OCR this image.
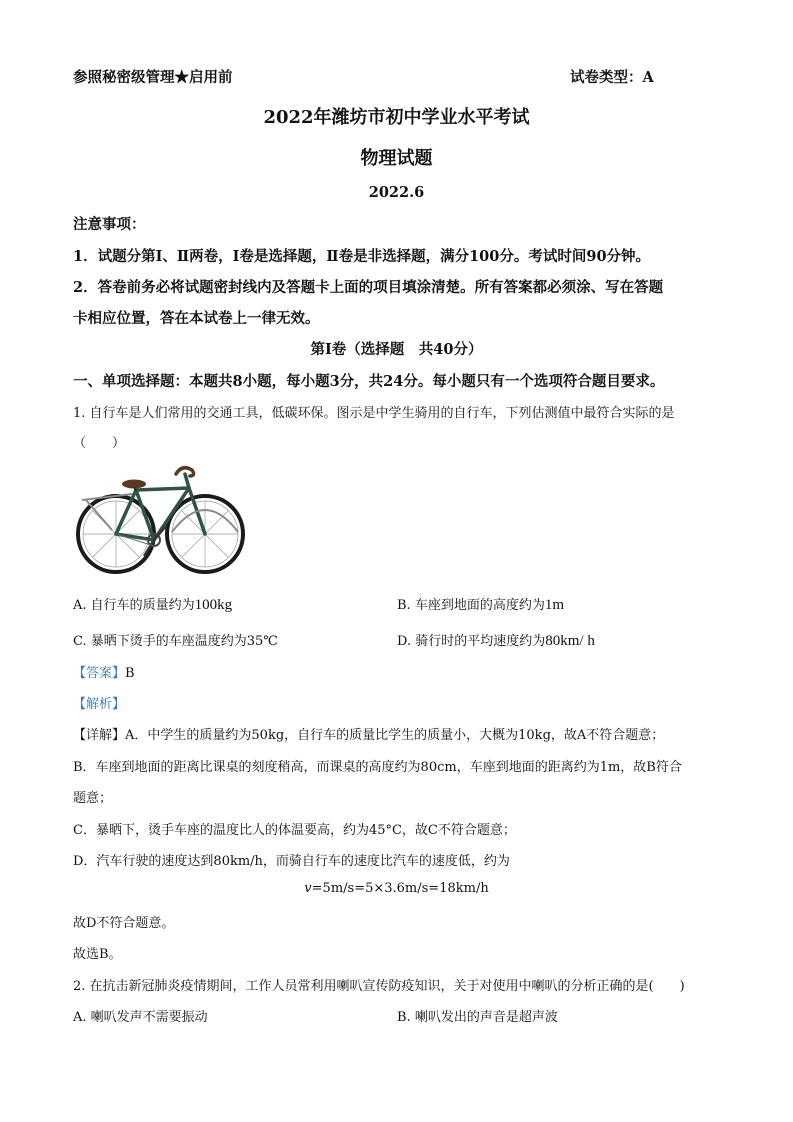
参照秘密级管理★启用前	试卷类型：A
2022年潍坊市初中学业水平考试
物理试题
2022.6
注意事项：
1．试题分第Ⅰ、Ⅱ两卷，Ⅰ卷是选择题，Ⅱ卷是非选择题，满分100分。考试时间90分钟。
2．答卷前务必将试题密封线内及答题卡上面的项目填涂清楚。所有答案都必须涂、写在答题
卡相应位置，答在本试卷上一律无效。
第Ⅰ卷（选择题　共40分）
一、单项选择题：本题共8小题，每小题3分，共24分。每小题只有一个选项符合题目要求。
1. 自行车是人们常用的交通工具，低碳环保。图示是中学生骑用的自行车，下列估测值中最符合实际的是
（　　）
A. 自行车的质量约为100kg	B. 车座到地面的高度约为1m
C. 暴晒下烫手的车座温度约为35℃	D. 骑行时的平均速度约为80km/ h
【答案】B
【解析】
【详解】A．中学生的质量约为50kg，自行车的质量比学生的质量小，大概为10kg，故A不符合题意；
B．车座到地面的距离比课桌的刻度稍高，而课桌的高度约为80cm，车座到地面的距离约为1m，故B符合
题意；
C．暴晒下，烫手车座的温度比人的体温要高，约为45°C，故C不符合题意；
D．汽车行驶的速度达到80km/h，而骑自行车的速度比汽车的速度低，约为
v=5m/s=5×3.6m/s=18km/h
故D不符合题意。
故选B。
2. 在抗击新冠肺炎疫情期间，工作人员常利用喇叭宣传防疫知识，关于对使用中喇叭的分析正确的是(　　)
A. 喇叭发声不需要振动	B. 喇叭发出的声音是超声波
